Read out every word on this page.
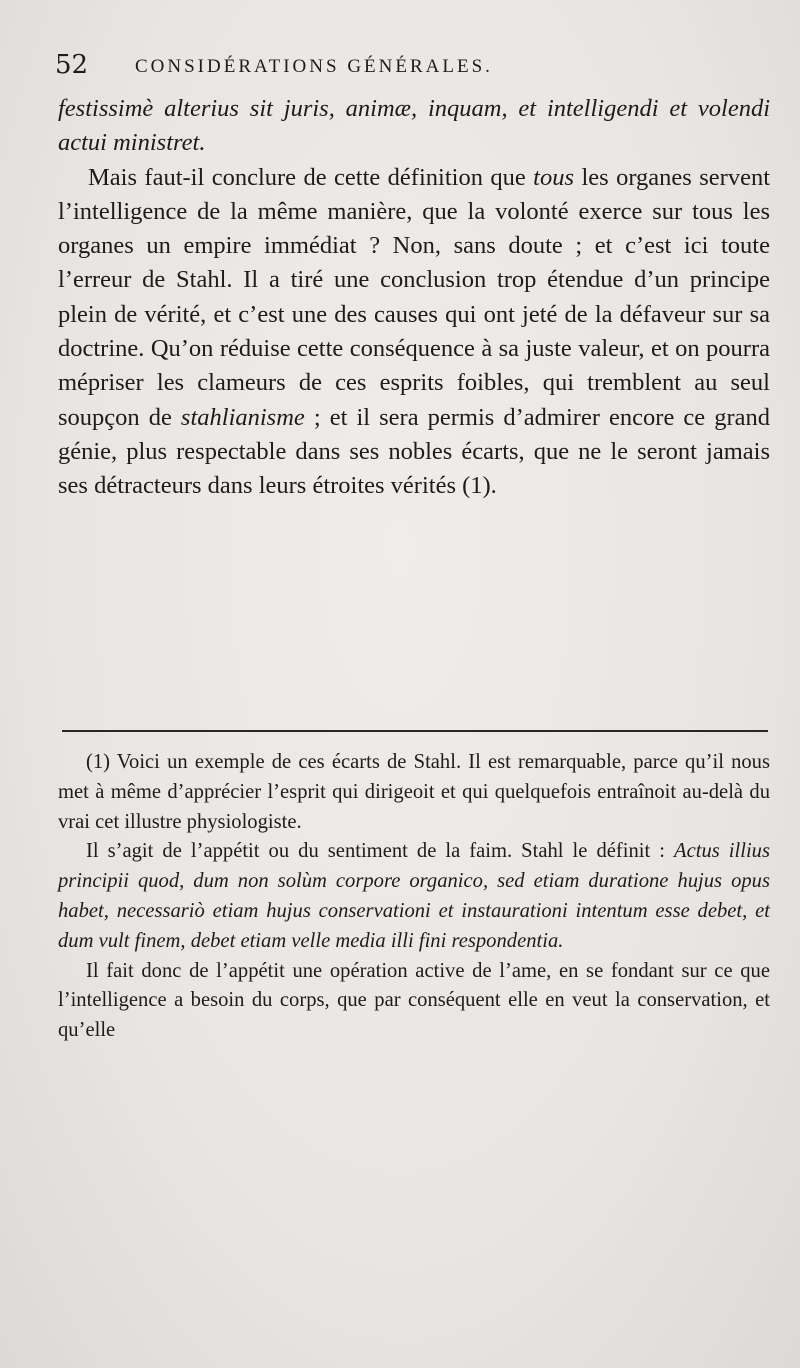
52 CONSIDÉRATIONS GÉNÉRALES.

festissimè alterius sit juris, animæ, inquam, et intelligendi et volendi actui ministret.

Mais faut-il conclure de cette définition que tous les organes servent l’intelligence de la même manière, que la volonté exerce sur tous les organes un empire immédiat ? Non, sans doute ; et c’est ici toute l’erreur de Stahl. Il a tiré une conclusion trop étendue d’un principe plein de vérité, et c’est une des causes qui ont jeté de la défaveur sur sa doctrine. Qu’on réduise cette conséquence à sa juste valeur, et on pourra mépriser les clameurs de ces esprits foibles, qui tremblent au seul soupçon de stahlianisme ; et il sera permis d’admirer encore ce grand génie, plus respectable dans ses nobles écarts, que ne le seront jamais ses détracteurs dans leurs étroites vérités (1).

(1) Voici un exemple de ces écarts de Stahl. Il est remarquable, parce qu’il nous met à même d’apprécier l’esprit qui dirigeoit et qui quelquefois entraînoit au-delà du vrai cet illustre physiologiste.

Il s’agit de l’appétit ou du sentiment de la faim. Stahl le définit : Actus illius principii quod, dum non solùm corpore organico, sed etiam duratione hujus opus habet, necessariò etiam hujus conservationi et instaurationi intentum esse debet, et dum vult finem, debet etiam velle media illi fini respondentia.

Il fait donc de l’appétit une opération active de l’ame, en se fondant sur ce que l’intelligence a besoin du corps, que par conséquent elle en veut la conservation, et qu’elle
